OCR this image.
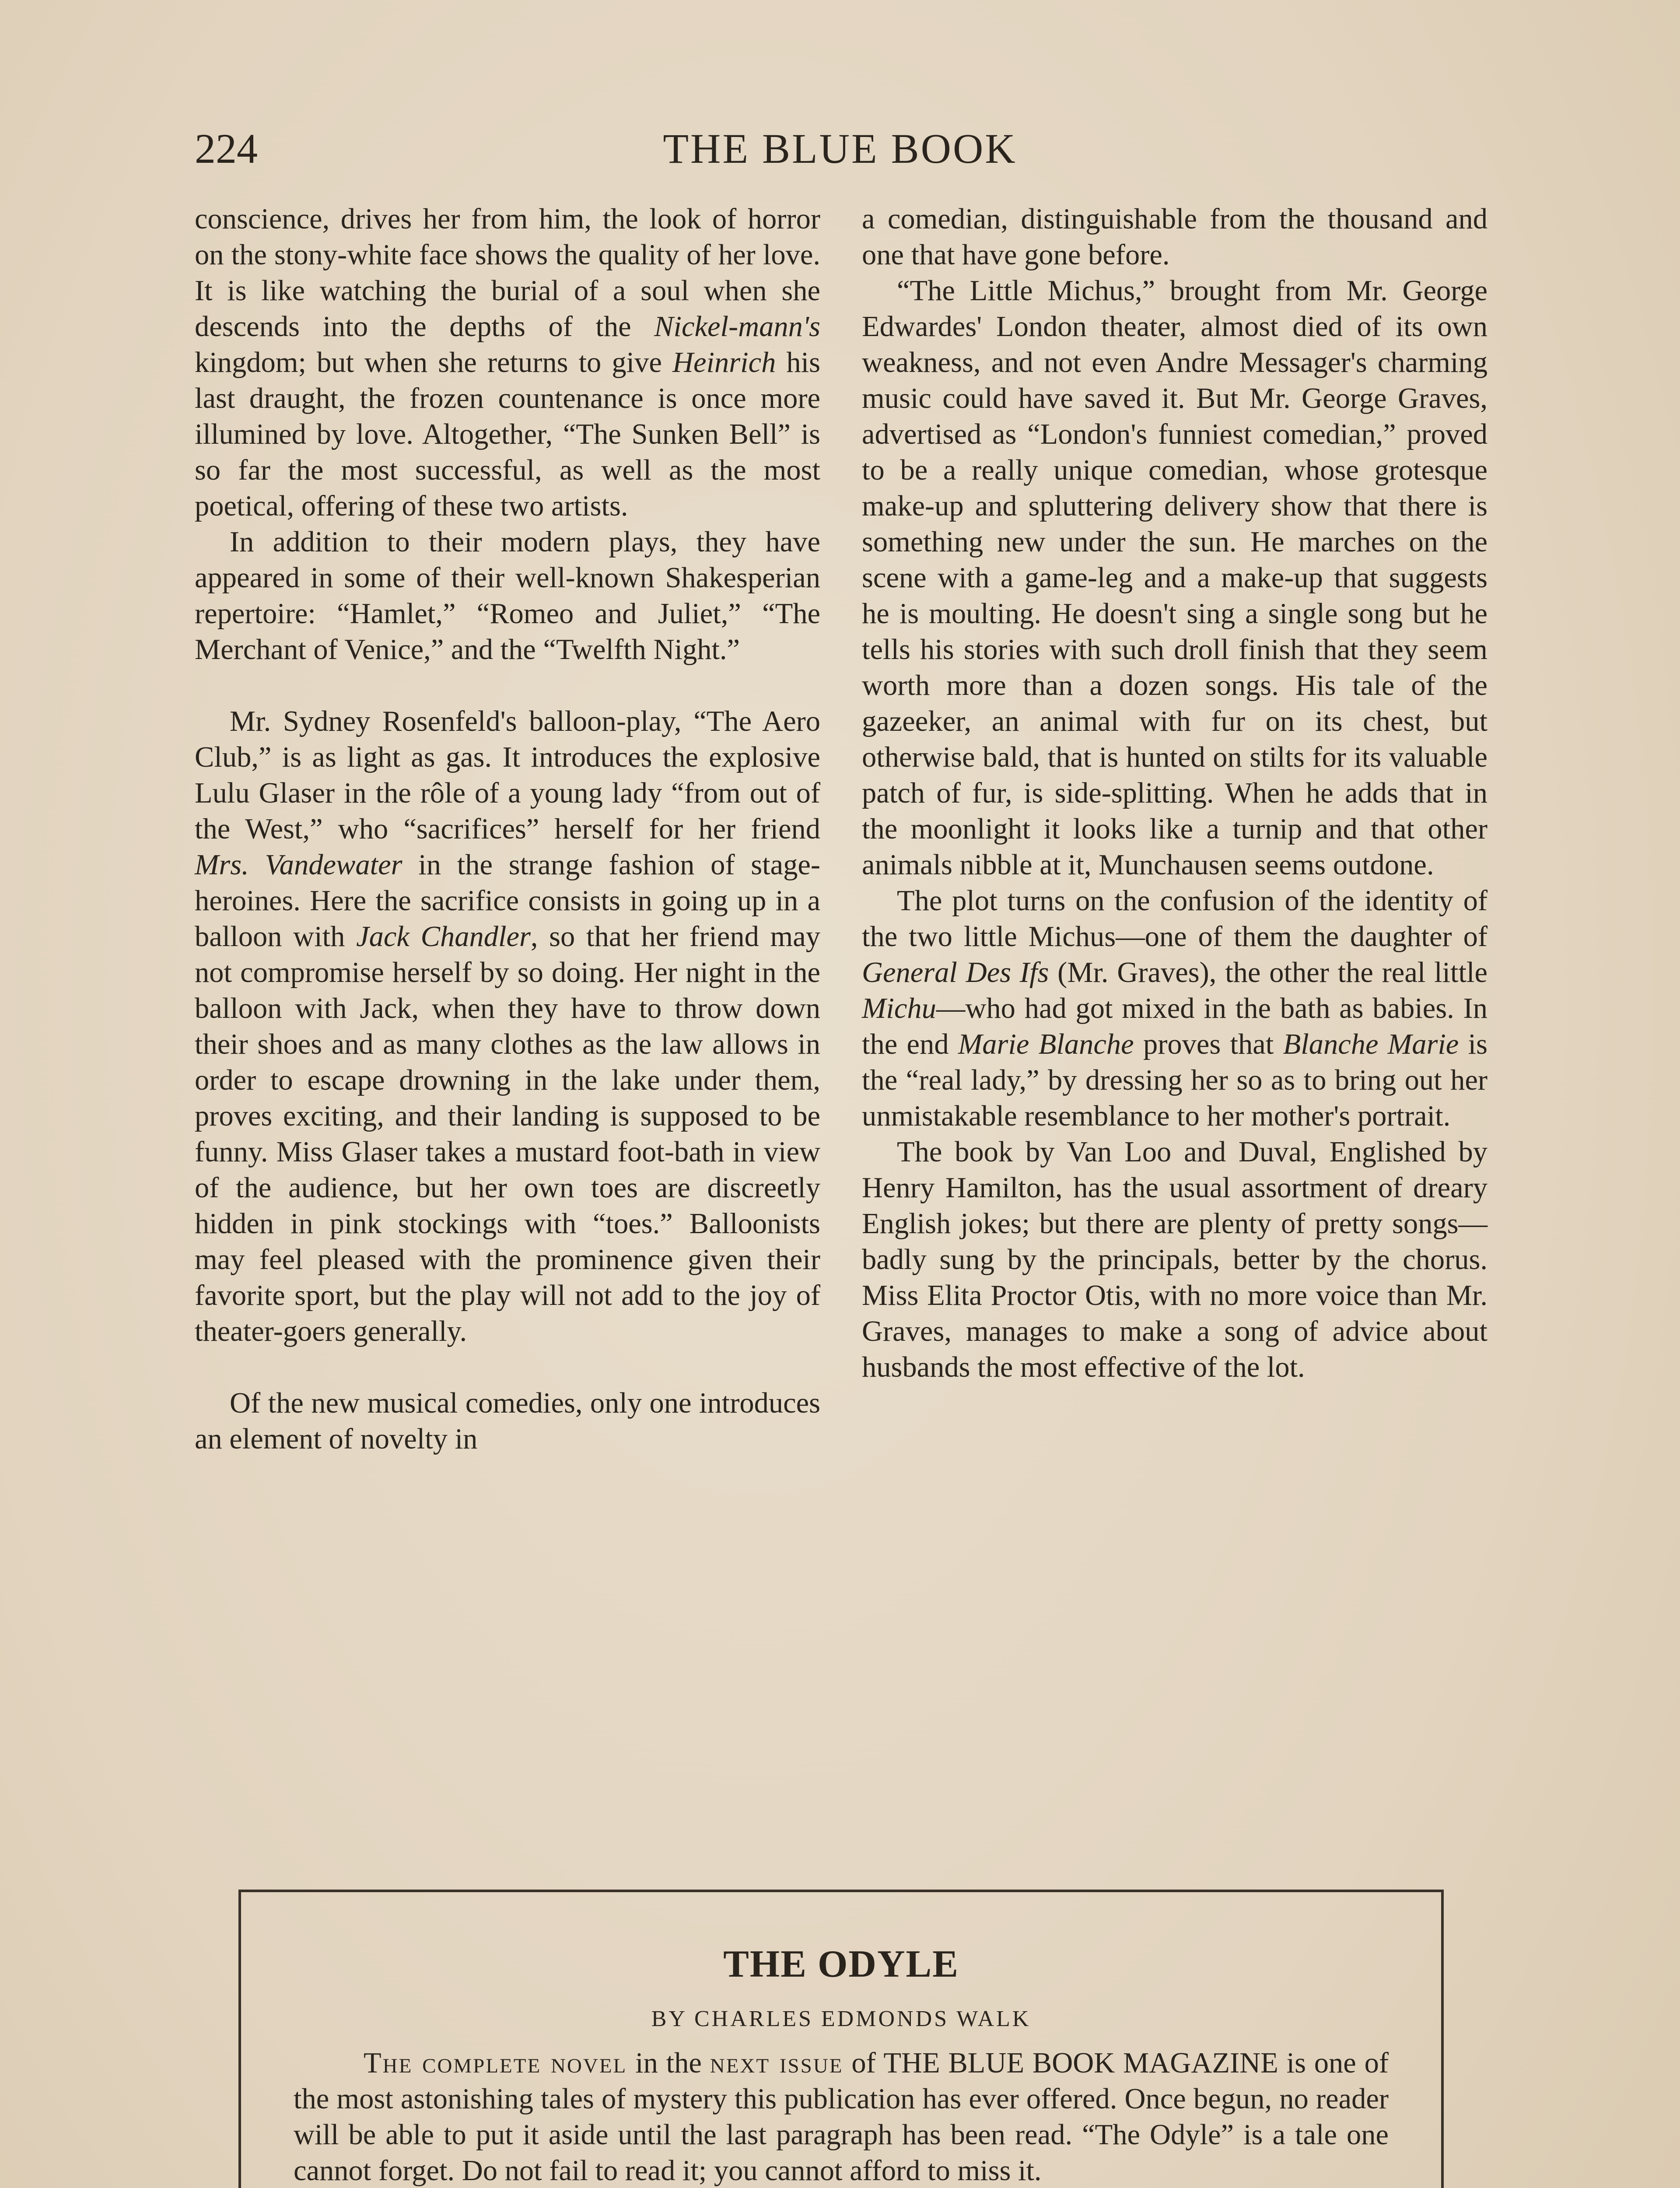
224	THE BLUE BOOK

conscience, drives her from him, the look of horror on the stony-white face shows the quality of her love. It is like watching the burial of a soul when she descends into the depths of the Nickel-mann's kingdom; but when she returns to give Heinrich his last draught, the frozen countenance is once more illumined by love. Altogether, “The Sunken Bell” is so far the most successful, as well as the most poetical, offering of these two artists.

In addition to their modern plays, they have appeared in some of their well-known Shakesperian repertoire: “Hamlet,” “Romeo and Juliet,” “The Merchant of Venice,” and the “Twelfth Night.”

Mr. Sydney Rosenfeld's balloon-play, “The Aero Club,” is as light as gas. It introduces the explosive Lulu Glaser in the rôle of a young lady “from out of the West,” who “sacrifices” herself for her friend Mrs. Vandewater in the strange fashion of stage-heroines. Here the sacrifice consists in going up in a balloon with Jack Chandler, so that her friend may not compromise herself by so doing. Her night in the balloon with Jack, when they have to throw down their shoes and as many clothes as the law allows in order to escape drowning in the lake under them, proves exciting, and their landing is supposed to be funny. Miss Glaser takes a mustard foot-bath in view of the audience, but her own toes are discreetly hidden in pink stockings with “toes.” Balloonists may feel pleased with the prominence given their favorite sport, but the play will not add to the joy of theater-goers generally.

Of the new musical comedies, only one introduces an element of novelty in

a comedian, distinguishable from the thousand and one that have gone before.

“The Little Michus,” brought from Mr. George Edwardes' London theater, almost died of its own weakness, and not even Andre Messager's charming music could have saved it. But Mr. George Graves, advertised as “London's funniest comedian,” proved to be a really unique comedian, whose grotesque make-up and spluttering delivery show that there is something new under the sun. He marches on the scene with a game-leg and a make-up that suggests he is moulting. He doesn't sing a single song but he tells his stories with such droll finish that they seem worth more than a dozen songs. His tale of the gazeeker, an animal with fur on its chest, but otherwise bald, that is hunted on stilts for its valuable patch of fur, is side-splitting. When he adds that in the moonlight it looks like a turnip and that other animals nibble at it, Munchausen seems outdone.

The plot turns on the confusion of the identity of the two little Michus—one of them the daughter of General Des Ifs (Mr. Graves), the other the real little Michu—who had got mixed in the bath as babies. In the end Marie Blanche proves that Blanche Marie is the “real lady,” by dressing her so as to bring out her unmistakable resemblance to her mother's portrait.

The book by Van Loo and Duval, Englished by Henry Hamilton, has the usual assortment of dreary English jokes; but there are plenty of pretty songs—badly sung by the principals, better by the chorus. Miss Elita Proctor Otis, with no more voice than Mr. Graves, manages to make a song of advice about husbands the most effective of the lot.

THE ODYLE
BY CHARLES EDMONDS WALK
The complete novel in the next issue of THE BLUE BOOK MAGAZINE is one of the most astonishing tales of mystery this publication has ever offered. Once begun, no reader will be able to put it aside until the last paragraph has been read. “The Odyle” is a tale one cannot forget. Do not fail to read it; you cannot afford to miss it.
